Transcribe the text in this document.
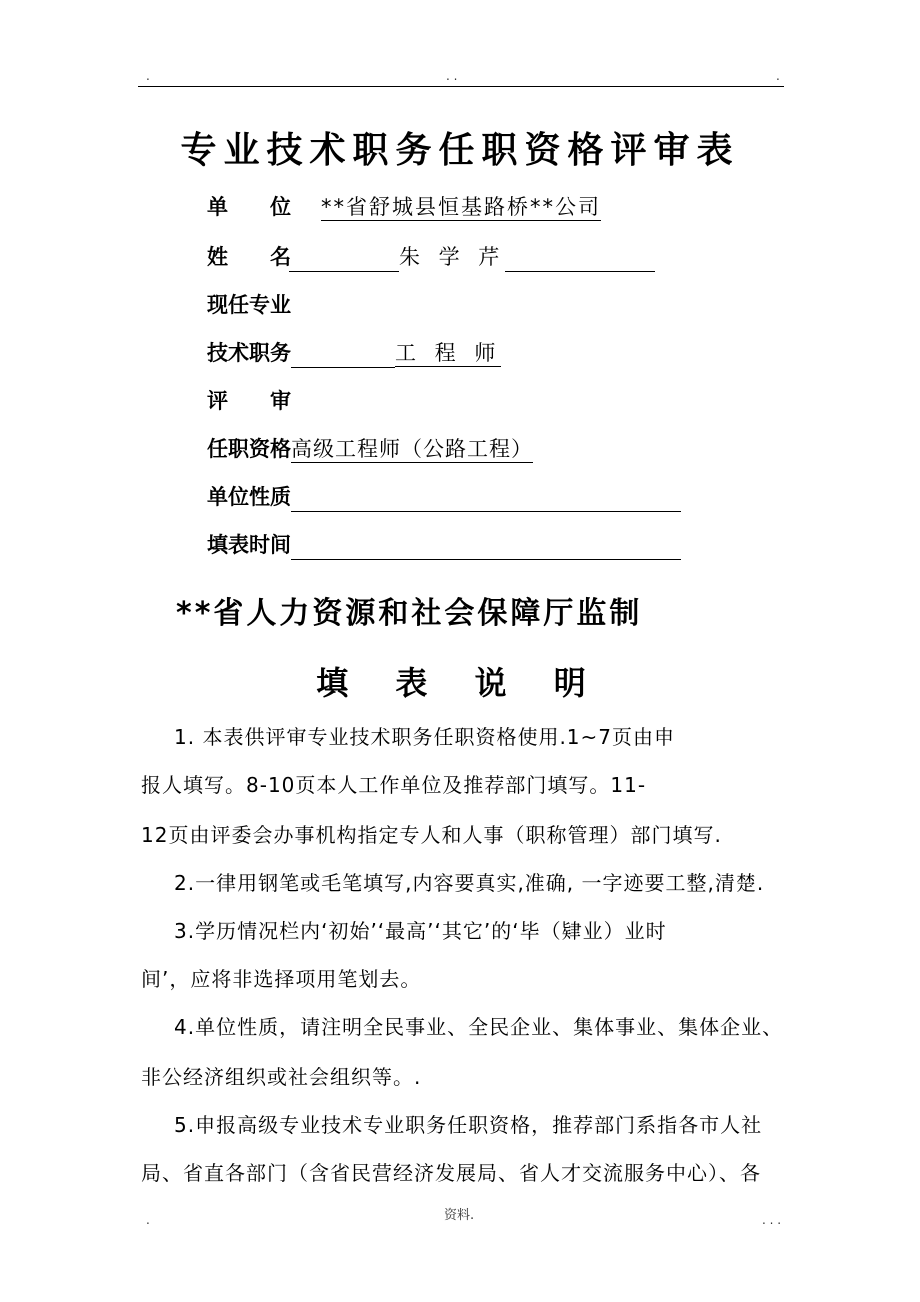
.	. .	.
专业技术职务任职资格评审表
单 位 **省舒城县恒基路桥**公司
姓 名	朱 学 芹
现任专业
技术职务	工 程 师
评 审
任职资格高级工程师（公路工程）
单位性质
填表时间
**省人力资源和社会保障厅监制
填 表 说 明
1. 本表供评审专业技术职务任职资格使用.1~7页由申
报人填写。8-10页本人工作单位及推荐部门填写。11-
12页由评委会办事机构指定专人和人事（职称管理）部门填写.
2.一律用钢笔或毛笔填写,内容要真实,准确, 一字迹要工整,清楚.
3.学历情况栏内‘初始’‘最高’‘其它’的‘毕（肄业）业时
间’，应将非选择项用笔划去。
4.单位性质，请注明全民事业、全民企业、集体事业、集体企业、
非公经济组织或社会组织等。.
5.申报高级专业技术专业职务任职资格，推荐部门系指各市人社
局、省直各部门（含省民营经济发展局、省人才交流服务中心）、各
.	资料.	. . .
